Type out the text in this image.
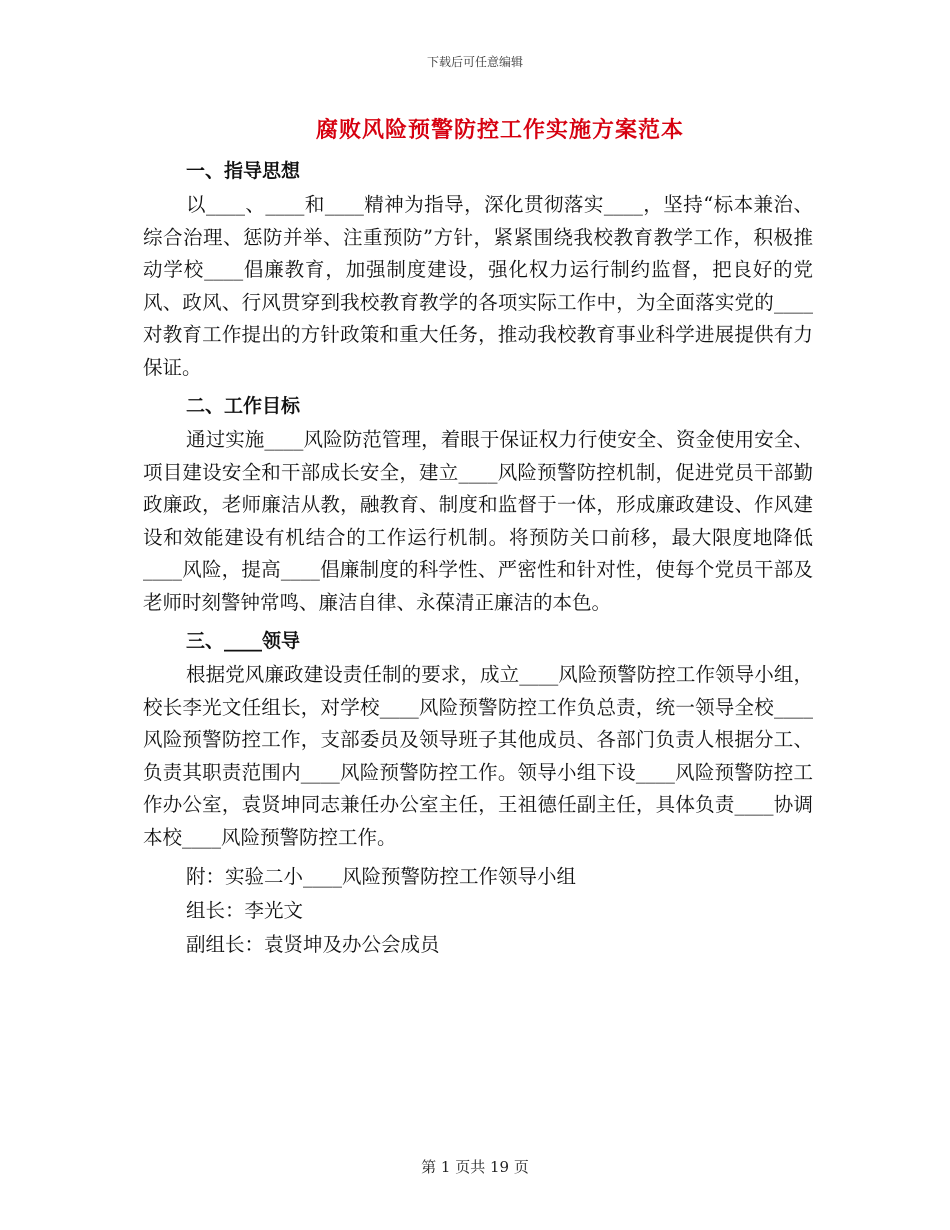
下载后可任意编辑
腐败风险预警防控工作实施方案范本
一、指导思想

以____、____和____精神为指导，深化贯彻落实____，坚持“标本兼治、综合治理、惩防并举、注重预防”方针，紧紧围绕我校教育教学工作，积极推动学校____倡廉教育，加强制度建设，强化权力运行制约监督，把良好的党风、政风、行风贯穿到我校教育教学的各项实际工作中，为全面落实党的____对教育工作提出的方针政策和重大任务，推动我校教育事业科学进展提供有力保证。

二、工作目标

通过实施____风险防范管理，着眼于保证权力行使安全、资金使用安全、项目建设安全和干部成长安全，建立____风险预警防控机制，促进党员干部勤政廉政，老师廉洁从教，融教育、制度和监督于一体，形成廉政建设、作风建设和效能建设有机结合的工作运行机制。将预防关口前移，最大限度地降低____风险，提高____倡廉制度的科学性、严密性和针对性，使每个党员干部及老师时刻警钟常鸣、廉洁自律、永葆清正廉洁的本色。

三、____领导

根据党风廉政建设责任制的要求，成立____风险预警防控工作领导小组，校长李光文任组长，对学校____风险预警防控工作负总责，统一领导全校____风险预警防控工作，支部委员及领导班子其他成员、各部门负责人根据分工、负责其职责范围内____风险预警防控工作。领导小组下设____风险预警防控工作办公室，袁贤坤同志兼任办公室主任，王祖德任副主任，具体负责____协调本校____风险预警防控工作。

附：实验二小____风险预警防控工作领导小组

组长：李光文

副组长：袁贤坤及办公会成员

第 1 页共 19 页
